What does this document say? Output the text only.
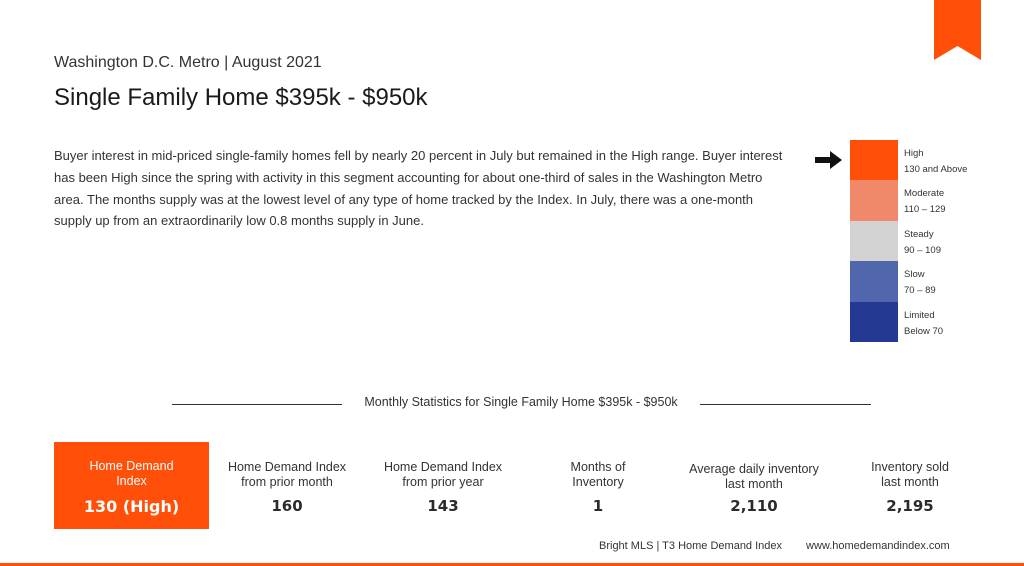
Washington D.C. Metro | August 2021
Single Family Home $395k - $950k

Buyer interest in mid-priced single-family homes fell by nearly 20 percent in July but remained in the High range. Buyer interest has been High since the spring with activity in this segment accounting for about one-third of sales in the Washington Metro area. The months supply was at the lowest level of any type of home tracked by the Index. In July, there was a one-month supply up from an extraordinarily low 0.8 months supply in June.

High
130 and Above
Moderate
110 – 129
Steady
90 – 109
Slow
70 – 89
Limited
Below 70
Monthly Statistics for Single Family Home $395k - $950k
Home Demand Index
130 (High)
Home Demand Index from prior month
160
Home Demand Index from prior year
143
Months of Inventory
1
Average daily inventory last month
2,110
Inventory sold last month
2,195
Bright MLS | T3 Home Demand Index www.homedemandindex.com
